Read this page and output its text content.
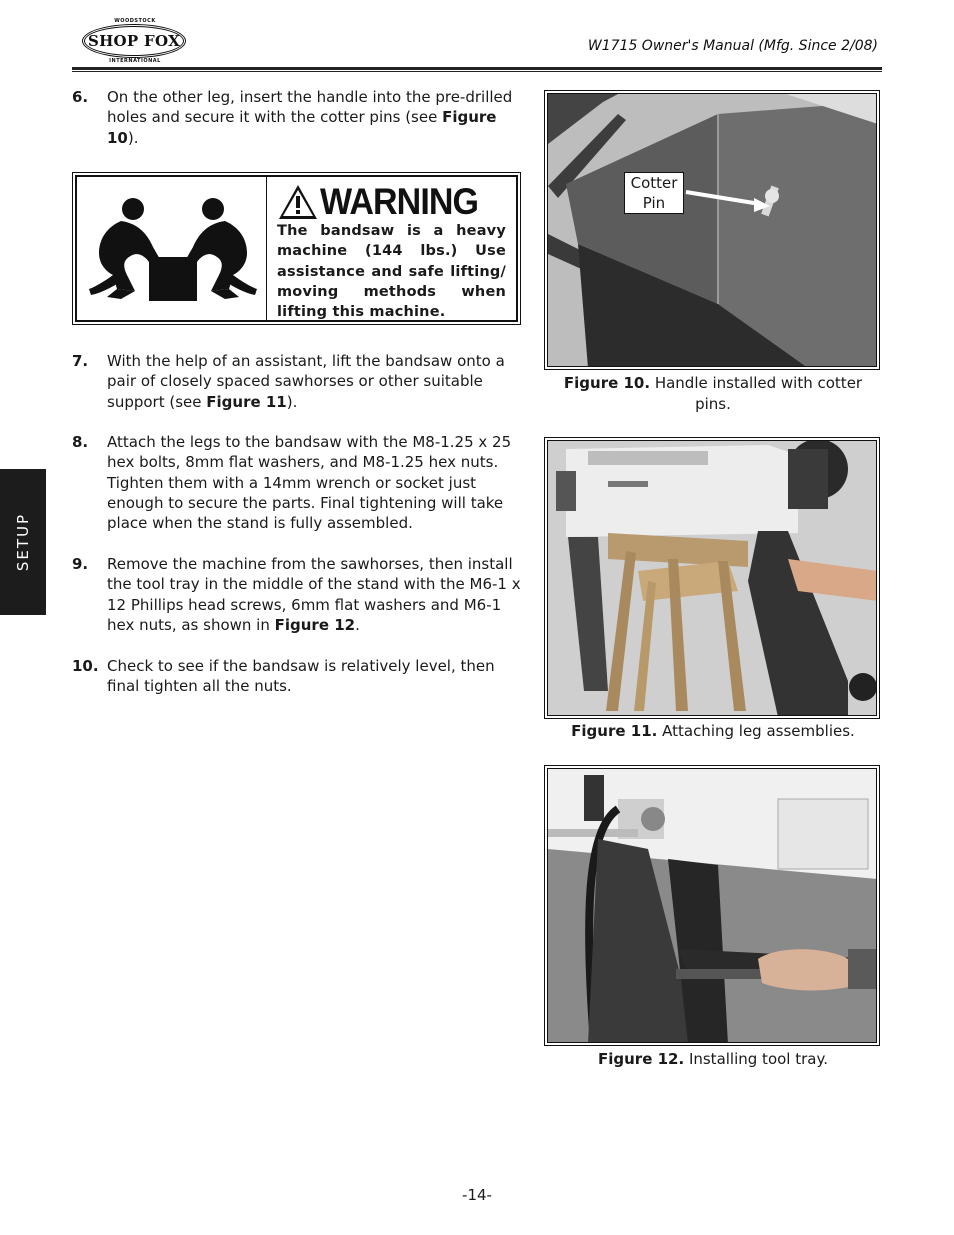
WOODSTOCK
SHOP FOX
INTERNATIONAL
W1715 Owner's Manual (Mfg. Since 2/08)
SETUP
6. On the other leg, insert the handle into the pre-drilled holes and secure it with the cotter pins (see Figure 10).
WARNING
The bandsaw is a heavy machine (144 lbs.) Use assistance and safe lifting/ moving methods when lifting this machine.
7. With the help of an assistant, lift the bandsaw onto a pair of closely spaced sawhorses or other suitable support (see Figure 11).
8. Attach the legs to the bandsaw with the M8-1.25 x 25 hex bolts, 8mm flat washers, and M8-1.25 hex nuts. Tighten them with a 14mm wrench or socket just enough to secure the parts. Final tightening will take place when the stand is fully assembled.
9. Remove the machine from the sawhorses, then install the tool tray in the middle of the stand with the M6-1 x 12 Phillips head screws, 6mm flat washers and M6-1 hex nuts, as shown in Figure 12.
10. Check to see if the bandsaw is relatively level, then final tighten all the nuts.
Cotter
Pin
Figure 10. Handle installed with cotter pins.
Figure 11. Attaching leg assemblies.
Figure 12. Installing tool tray.
-14-
